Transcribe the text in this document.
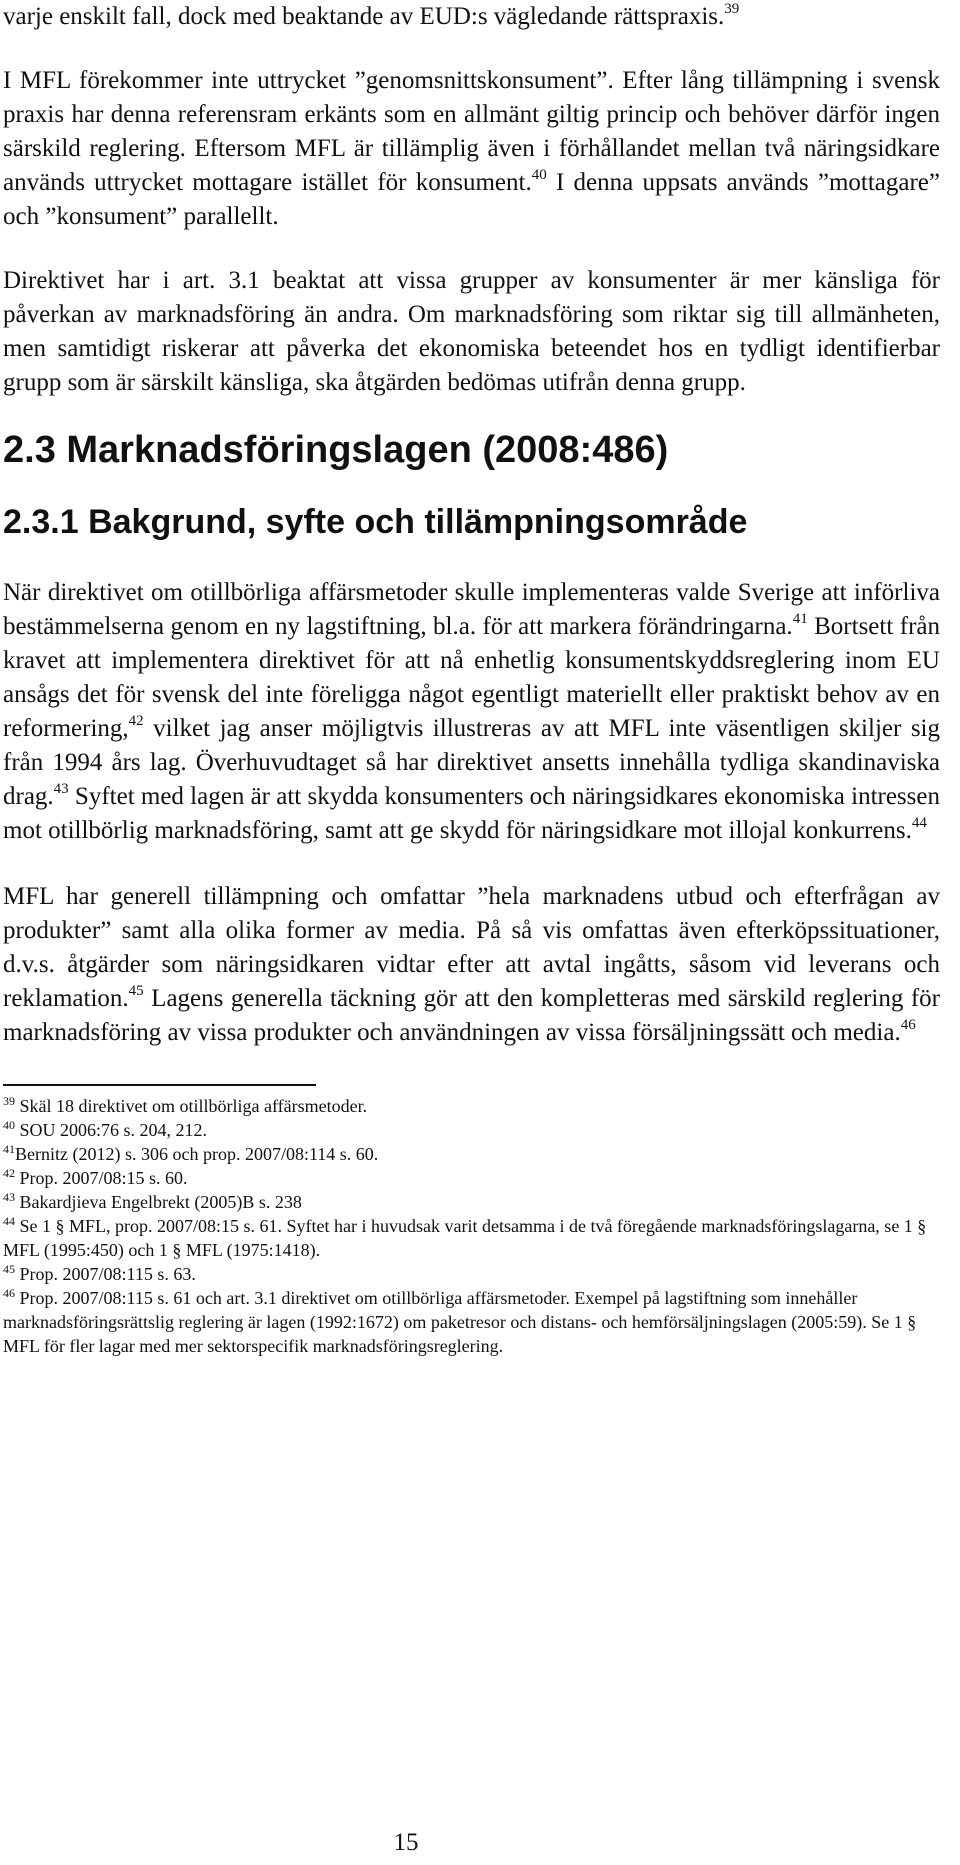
varje enskilt fall, dock med beaktande av EUD:s vägledande rättspraxis.$^{39}$

I MFL förekommer inte uttrycket ”genomsnittskonsument”. Efter lång tillämpning i svensk praxis har denna referensram erkänts som en allmänt giltig princip och behöver därför ingen särskild reglering. Eftersom MFL är tillämplig även i förhållandet mellan två näringsidkare används uttrycket mottagare istället för konsument.$^{40}$ I denna uppsats används ”mottagare” och ”konsument” parallellt.

Direktivet har i art. 3.1 beaktat att vissa grupper av konsumenter är mer känsliga för påverkan av marknadsföring än andra. Om marknadsföring som riktar sig till allmänheten, men samtidigt riskerar att påverka det ekonomiska beteendet hos en tydligt identifierbar grupp som är särskilt känsliga, ska åtgärden bedömas utifrån denna grupp.

2.3 Marknadsföringslagen (2008:486)
2.3.1 Bakgrund, syfte och tillämpningsområde

När direktivet om otillbörliga affärsmetoder skulle implementeras valde Sverige att införliva bestämmelserna genom en ny lagstiftning, bl.a. för att markera förändringarna.$^{41}$ Bortsett från kravet att implementera direktivet för att nå enhetlig konsumentskyddsreglering inom EU ansågs det för svensk del inte föreligga något egentligt materiellt eller praktiskt behov av en reformering,$^{42}$ vilket jag anser möjligtvis illustreras av att MFL inte väsentligen skiljer sig från 1994 års lag. Överhuvudtaget så har direktivet ansetts innehålla tydliga skandinaviska drag.$^{43}$ Syftet med lagen är att skydda konsumenters och näringsidkares ekonomiska intressen mot otillbörlig marknadsföring, samt att ge skydd för näringsidkare mot illojal konkurrens.$^{44}$

MFL har generell tillämpning och omfattar ”hela marknadens utbud och efterfrågan av produkter” samt alla olika former av media. På så vis omfattas även efterköpssituationer, d.v.s. åtgärder som näringsidkaren vidtar efter att avtal ingåtts, såsom vid leverans och reklamation.$^{45}$ Lagens generella täckning gör att den kompletteras med särskild reglering för marknadsföring av vissa produkter och användningen av vissa försäljningssätt och media.$^{46}$

$^{39}$ Skäl 18 direktivet om otillbörliga affärsmetoder.

$^{40}$ SOU 2006:76 s. 204, 212.

$^{41}$Bernitz (2012) s. 306 och prop. 2007/08:114 s. 60.

$^{42}$ Prop. 2007/08:15 s. 60.

$^{43}$ Bakardjieva Engelbrekt (2005)B s. 238

$^{44}$ Se 1 § MFL, prop. 2007/08:15 s. 61. Syftet har i huvudsak varit detsamma i de två föregående marknadsföringslagarna, se 1 § MFL (1995:450) och 1 § MFL (1975:1418).

$^{45}$ Prop. 2007/08:115 s. 63.

$^{46}$ Prop. 2007/08:115 s. 61 och art. 3.1 direktivet om otillbörliga affärsmetoder. Exempel på lagstiftning som innehåller marknadsföringsrättslig reglering är lagen (1992:1672) om paketresor och distans- och hemförsäljningslagen (2005:59). Se 1 § MFL för fler lagar med mer sektorspecifik marknadsföringsreglering.

15
